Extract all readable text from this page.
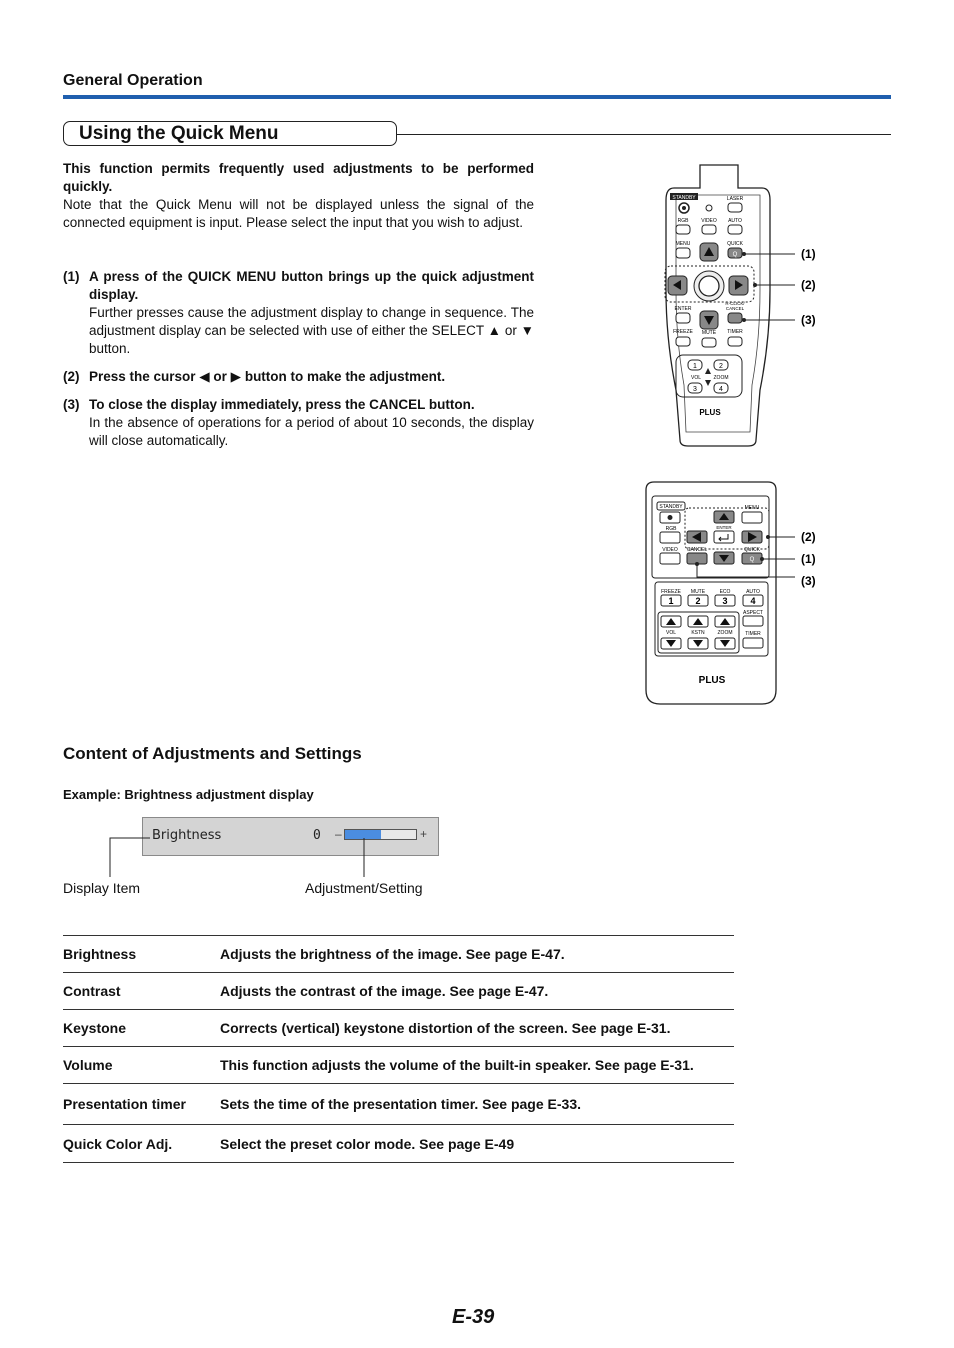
General Operation
Using the Quick Menu
This function permits frequently used adjustments to be performed quickly.
Note that the Quick Menu will not be displayed unless the signal of the connected equipment is input. Please select the input that you wish to adjust.
(1) A press of the QUICK MENU button brings up the quick adjustment display.
Further presses cause the adjustment display to change in sequence. The adjustment display can be selected with use of either the SELECT ▲ or ▼ button.
(2) Press the cursor ◀ or ▶ button to make the adjustment.
(3) To close the display immediately, press the CANCEL button.
In the absence of operations for a period of about 10 seconds, the display will close automatically.
STANDBY	LASER
RGB	VIDEO AUTO
MENU	QUICK
Q
ENTER
R-CLICK/
CANCEL
FREEZE MUTE TIMER
1	2
VOL ZOOM
3	4
PLUS
(1)
(2)
(3)
STANDBY	MENU
RGB	ENTER
VIDEO CANCEL	QUICK
Q
FREEZE MUTE	ECO	AUTO
1 2 3	4
ASPECT
VOL	KSTN	ZOOM	TIMER
PLUS
(2)
(1)
(3)
Content of Adjustments and Settings
Example: Brightness adjustment display
Brightness	0 –	+
Display Item	Adjustment/Setting
Brightness	Adjusts the brightness of the image. See page E-47.
Contrast	Adjusts the contrast of the image. See page E-47.
Keystone	Corrects (vertical) keystone distortion of the screen. See page E-31.
Volume	This function adjusts the volume of the built-in speaker. See page E-31.
Presentation timer	Sets the time of the presentation timer. See page E-33.
Quick Color Adj.	Select the preset color mode. See page E-49
E-39
